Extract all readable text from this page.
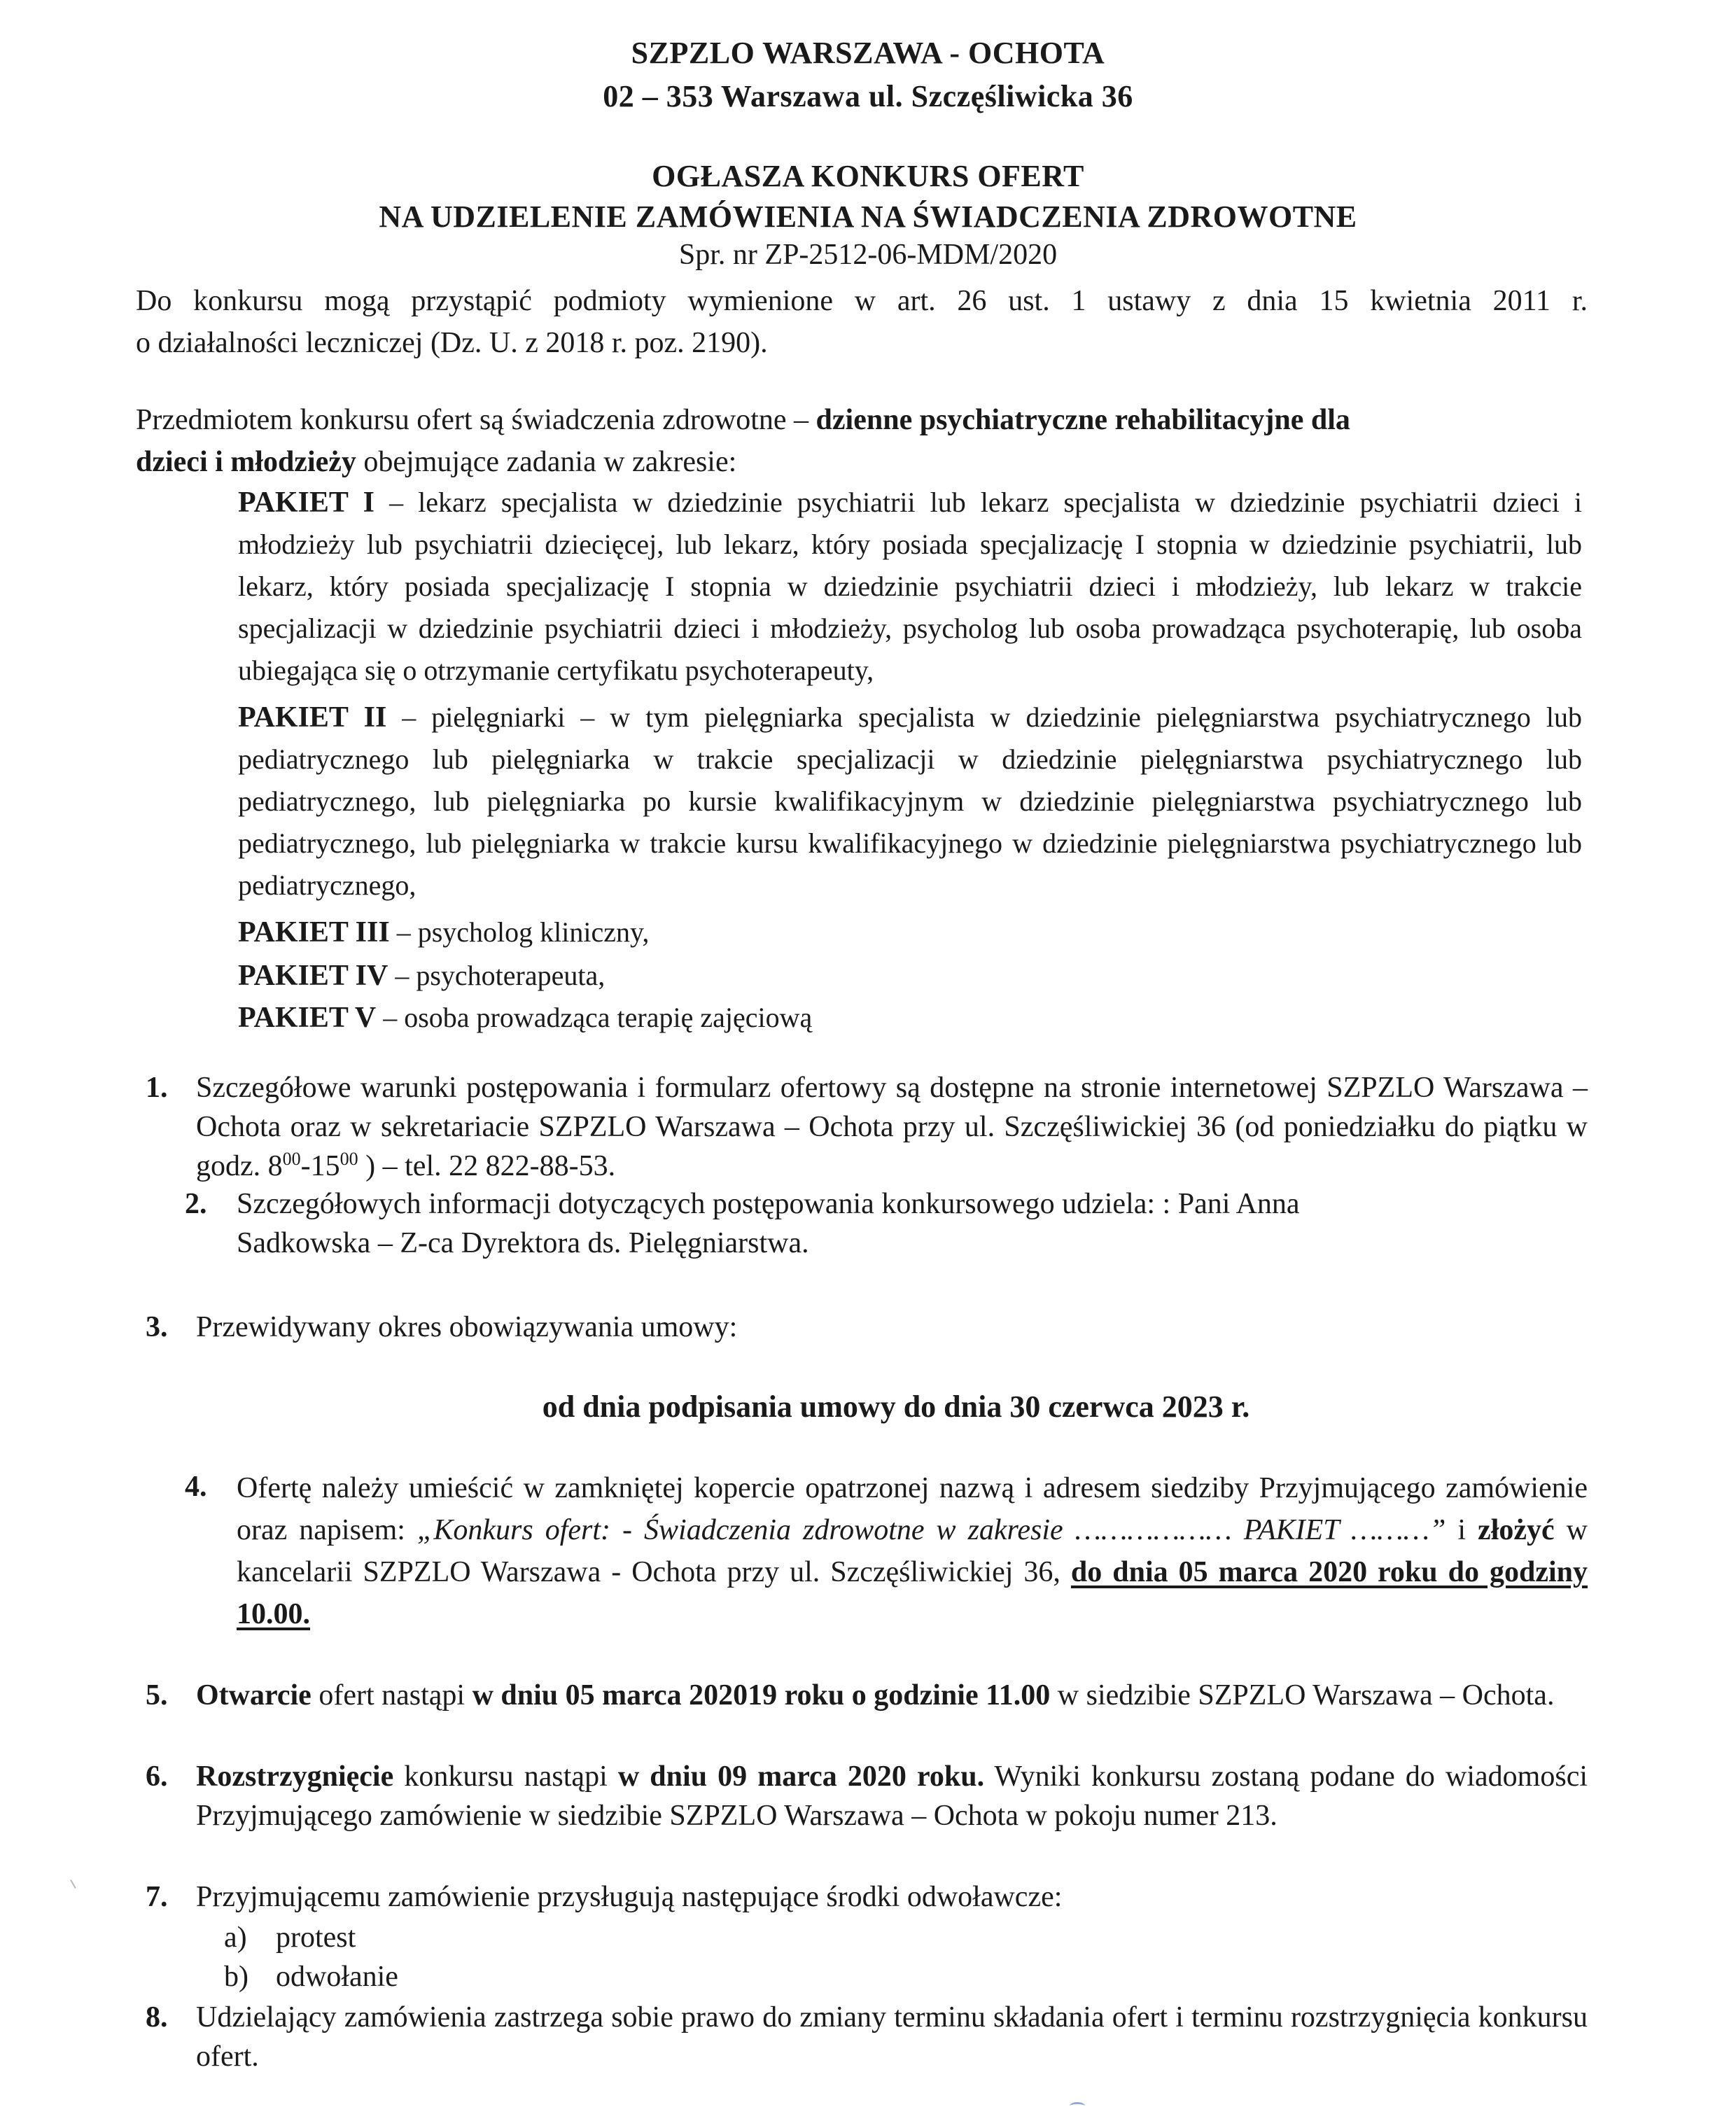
SZPZLO WARSZAWA - OCHOTA
02 – 353 Warszawa ul. Szczęśliwicka 36
OGŁASZA KONKURS OFERT
NA UDZIELENIE ZAMÓWIENIA NA ŚWIADCZENIA ZDROWOTNE
Spr. nr ZP-2512-06-MDM/2020
Do konkursu mogą przystąpić podmioty wymienione w art. 26 ust. 1 ustawy z dnia 15 kwietnia 2011 r.
o działalności leczniczej (Dz. U. z 2018 r. poz. 2190).
Przedmiotem konkursu ofert są świadczenia zdrowotne – dzienne psychiatryczne rehabilitacyjne dla
dzieci i młodzieży obejmujące zadania w zakresie:
PAKIET I – lekarz specjalista w dziedzinie psychiatrii lub lekarz specjalista w dziedzinie psychiatrii dzieci i młodzieży lub psychiatrii dziecięcej, lub lekarz, który posiada specjalizację I stopnia w dziedzinie psychiatrii, lub lekarz, który posiada specjalizację I stopnia w dziedzinie psychiatrii dzieci i młodzieży, lub lekarz w trakcie specjalizacji w dziedzinie psychiatrii dzieci i młodzieży, psycholog lub osoba prowadząca psychoterapię, lub osoba ubiegająca się o otrzymanie certyfikatu psychoterapeuty,
PAKIET II – pielęgniarki – w tym pielęgniarka specjalista w dziedzinie pielęgniarstwa psychiatrycznego lub pediatrycznego lub pielęgniarka w trakcie specjalizacji w dziedzinie pielęgniarstwa psychiatrycznego lub pediatrycznego, lub pielęgniarka po kursie kwalifikacyjnym w dziedzinie pielęgniarstwa psychiatrycznego lub pediatrycznego, lub pielęgniarka w trakcie kursu kwalifikacyjnego w dziedzinie pielęgniarstwa psychiatrycznego lub pediatrycznego,
PAKIET III – psycholog kliniczny,
PAKIET IV – psychoterapeuta,
PAKIET V – osoba prowadząca terapię zajęciową
1. Szczegółowe warunki postępowania i formularz ofertowy są dostępne na stronie internetowej SZPZLO Warszawa – Ochota oraz w sekretariacie SZPZLO Warszawa – Ochota przy ul. Szczęśliwickiej 36 (od poniedziałku do piątku w godz. $8^{00}-15^{00}$ ) – tel. 22 822-88-53.
2. Szczegółowych informacji dotyczących postępowania konkursowego udziela: : Pani Anna Sadkowska – Z-ca Dyrektora ds. Pielęgniarstwa.
3. Przewidywany okres obowiązywania umowy:
od dnia podpisania umowy do dnia 30 czerwca 2023 r.
4. Ofertę należy umieścić w zamkniętej kopercie opatrzonej nazwą i adresem siedziby Przyjmującego zamówienie oraz napisem: „Konkurs ofert: - Świadczenia zdrowotne w zakresie ……………… PAKIET ………” i złożyć w kancelarii SZPZLO Warszawa - Ochota przy ul. Szczęśliwickiej 36, do dnia 05 marca 2020 roku do godziny 10.00.
5. Otwarcie ofert nastąpi w dniu 05 marca 202019 roku o godzinie 11.00 w siedzibie SZPZLO Warszawa – Ochota.
6. Rozstrzygnięcie konkursu nastąpi w dniu 09 marca 2020 roku. Wyniki konkursu zostaną podane do wiadomości Przyjmującego zamówienie w siedzibie SZPZLO Warszawa – Ochota w pokoju numer 213.
7. Przyjmującemu zamówienie przysługują następujące środki odwoławcze:
a) protest
b) odwołanie
8. Udzielający zamówienia zastrzega sobie prawo do zmiany terminu składania ofert i terminu rozstrzygnięcia konkursu ofert.
